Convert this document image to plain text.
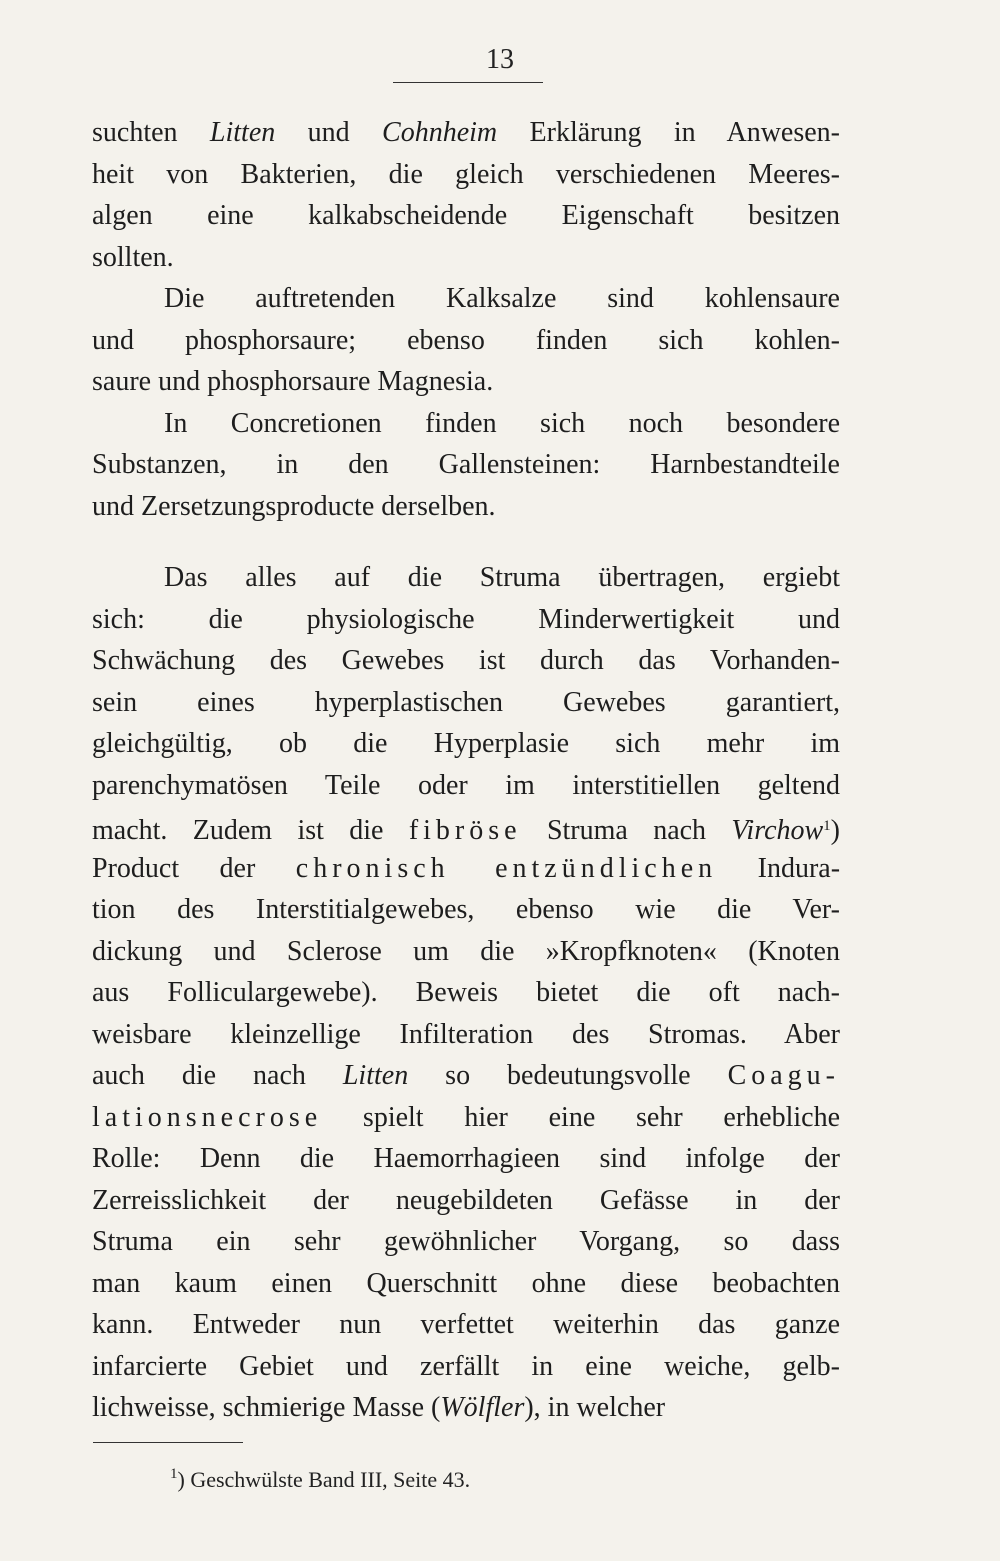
13
suchten Litten und Cohnheim Erklärung in Anwesen-
heit von Bakterien, die gleich verschiedenen Meeres-
algen eine kalkabscheidende Eigenschaft besitzen
sollten.
Die auftretenden Kalksalze sind kohlensaure
und phosphorsaure; ebenso finden sich kohlen-
saure und phosphorsaure Magnesia.
In Concretionen finden sich noch besondere
Substanzen, in den Gallensteinen: Harnbestandteile
und Zersetzungsproducte derselben.
Das alles auf die Struma übertragen, ergiebt
sich: die physiologische Minderwertigkeit und
Schwächung des Gewebes ist durch das Vorhanden-
sein eines hyperplastischen Gewebes garantiert,
gleichgültig, ob die Hyperplasie sich mehr im
parenchymatösen Teile oder im interstitiellen geltend
macht. Zudem ist die fibröse Struma nach Virchow$^1$)
Product der chronisch entzündlichen Indura-
tion des Interstitialgewebes, ebenso wie die Ver-
dickung und Sclerose um die »Kropfknoten« (Knoten
aus Folliculargewebe). Beweis bietet die oft nach-
weisbare kleinzellige Infilteration des Stromas. Aber
auch die nach Litten so bedeutungsvolle Coagu-
lationsnecrose spielt hier eine sehr erhebliche
Rolle: Denn die Haemorrhagieen sind infolge der
Zerreisslichkeit der neugebildeten Gefässe in der
Struma ein sehr gewöhnlicher Vorgang, so dass
man kaum einen Querschnitt ohne diese beobachten
kann. Entweder nun verfettet weiterhin das ganze
infarcierte Gebiet und zerfällt in eine weiche, gelb-
lichweisse, schmierige Masse (Wölfler), in welcher
$^1$) Geschwülste Band III, Seite 43.
